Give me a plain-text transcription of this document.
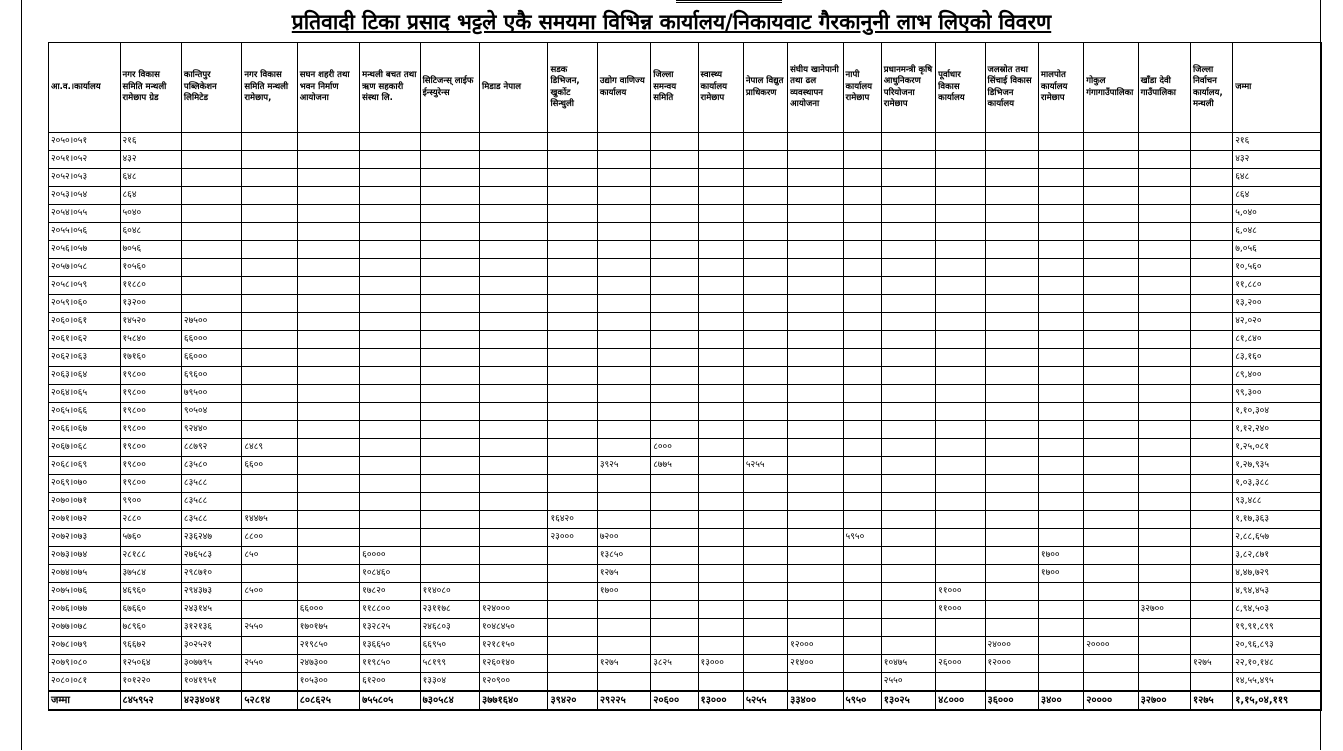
प्रतिवादी टिका प्रसाद भट्टले एकै समयमा विभिन्न कार्यालय/निकायवाट गैरकानुनी लाभ लिएको विवरण
आ.व.।कार्यालय	नगर विकास समिति मन्थली रामेछाप ग्रेड	कान्तिपुर पब्लिकेशन लिमिटेड	नगर विकास समिति मन्थली रामेछाप,	सघन शहरी तथा भवन निर्माण आयोजना	मन्थली बचत तथा ऋण सहकारी संस्था लि.	सिटिजन्स् लाईफ ईन्स्युरेन्स	मिडाड नेपाल	सडक डिभिजन, खुर्कोट सिन्धुली	उद्योग वाणिज्य कार्यालय	जिल्ला समन्वय समिति	स्वास्थ्य कार्यालय रामेछाप	नेपाल विद्युत प्राधिकरण	संघीय खानेपानी तथा ढल व्यवस्थापन आयोजना	नापी कार्यालय रामेछाप	प्रधानमन्त्री कृषि आधुनिकरण परियोजना रामेछाप	पूर्वाधार विकास कार्यालय	जलस्रोत तथा सिंचाई विकास डिभिजन कार्यालय	मालपोत कार्यालय रामेछाप	गोकुल गंगागाउँपालिका	खाँडा देवी गाउँपालिका	जिल्ला निर्वाचन कार्यालय, मन्थली	जम्मा
२०५०।०५१	२१६																					२१६
२०५१।०५२	४३२																					४३२
२०५२।०५३	६४८																					६४८
२०५३।०५४	८६४																					८६४
२०५४।०५५	५०४०																					५,०४०
२०५५।०५६	६०४८																					६,०४८
२०५६।०५७	७०५६																					७,०५६
२०५७।०५८	१०५६०																					१०,५६०
२०५८।०५९	११८८०																					११,८८०
२०५९।०६०	१३२००																					१३,२००
२०६०।०६१	१४५२०	२७५००																				४२,०२०
२०६१।०६२	१५८४०	६६०००																				८१,८४०
२०६२।०६३	१७१६०	६६०००																				८३,१६०
२०६३।०६४	१९८००	६९६००																				८९,४००
२०६४।०६५	१९८००	७९५००																				९९,३००
२०६५।०६६	१९८००	९०५०४																				१,१०,३०४
२०६६।०६७	१९८००	९२४४०																				१,१२,२४०
२०६७।०६८	१९८००	८८७९२	८४८९							८०००												१,२५,०८१
२०६८।०६९	१९८००	८३५८०	६६००						३९२५	८७७५		५२५५										१,२७,९३५
२०६९।०७०	१९८००	८३५८८																				१,०३,३८८
२०७०।०७१	९९००	८३५८८																				९३,४८८
२०७१।०७२	२८८०	८३५८८	१४४७५					१६४२०														१,१७,३६३
२०७२।०७३	५७६०	२३६२४७	८८००					२३०००	७२००					५९५०								२,८८,६५७
२०७३।०७४	२८१८८	२७६५८३	८५०		६००००				१३८५०									१७००				३,८२,८७१
२०७४।०७५	३७५८४	२९८७१०			१०८४६०				१२७५									१७००				४,४७,७२९
२०७५।०७६	४६९६०	२९४३७३	८५००		१७८२०	११४०८०			१७००							११०००						४,९४,४५३
२०७६।०७७	६७६६०	२४३१४५		६६०००	११८८००	२३११७८	१२४०००									११०००				३२७००		८,९४,५०३
२०७७।०७८	७८९६०	३१२१३६	२५५०	१७०१७५	१३२८२५	२४६८०३	१०४८४५०															१९,९१,८९९
२०७८।०७९	९६६७२	३०२५२१		२१९८५०	१३६६५०	६६९५०	१२१८१५०						१२०००				२४०००		२००००			२०,९६,८९३
२०७९।०८०	१२५०६४	३०७७९५	२५५०	२४७३००	११९८५०	५८१९९	१२६०१४०		१२७५	३८२५	१३०००		२१४००		१०४७५	२६०००	१२०००				१२७५	२२,१०,१४८
२०८०।०८१	१०१२२०	१०४१९५१		१०५३००	६१२००	१३३०४	१२०९००								२५५०							१४,५५,४९५
जम्मा	८४५९५२	४२३४०४१	५२८१४	८०८६२५	७५५८०५	७३०५८४	३७७१६४०	३९४२०	२९२२५	२०६००	१३०००	५२५५	३३४००	५९५०	१३०२५	४८०००	३६०००	३४००	२००००	३२७००	१२७५	१,१५,०४,११९
